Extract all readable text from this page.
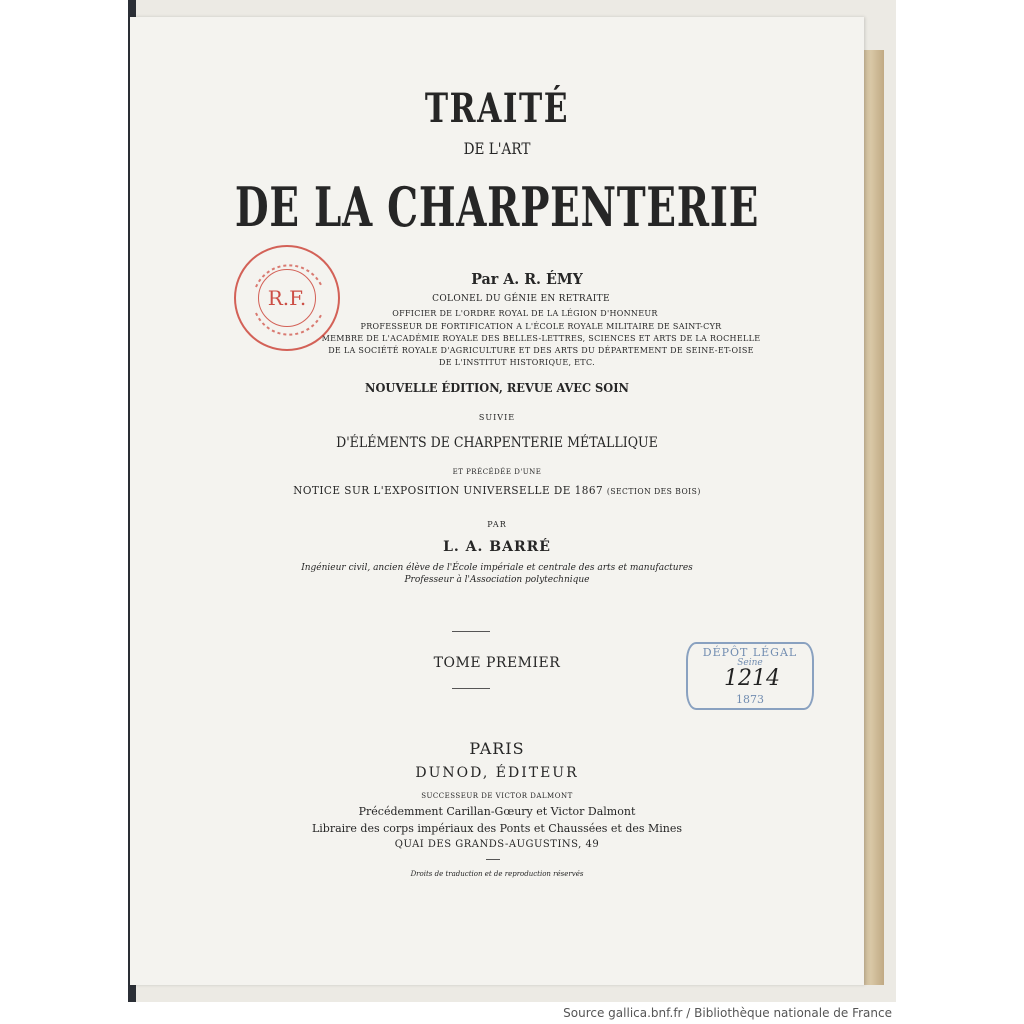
TRAITÉ
DE L'ART
DE LA CHARPENTERIE
Par A. R. ÉMY
COLONEL DU GÉNIE EN RETRAITE
OFFICIER DE L'ORDRE ROYAL DE LA LÉGION D'HONNEUR
PROFESSEUR DE FORTIFICATION A L'ÉCOLE ROYALE MILITAIRE DE SAINT-CYR
MEMBRE DE L'ACADÉMIE ROYALE DES BELLES-LETTRES, SCIENCES ET ARTS DE LA ROCHELLE
DE LA SOCIÉTÉ ROYALE D'AGRICULTURE ET DES ARTS DU DÉPARTEMENT DE SEINE-ET-OISE
DE L'INSTITUT HISTORIQUE, ETC.
NOUVELLE ÉDITION, REVUE AVEC SOIN
SUIVIE
D'ÉLÉMENTS DE CHARPENTERIE MÉTALLIQUE
ET PRÉCÉDÉE D'UNE
NOTICE SUR L'EXPOSITION UNIVERSELLE DE 1867 (SECTION DES BOIS)
PAR
L. A. BARRÉ
Ingénieur civil, ancien élève de l'École impériale et centrale des arts et manufactures
Professeur à l'Association polytechnique
TOME PREMIER
PARIS
DUNOD, ÉDITEUR
SUCCESSEUR DE VICTOR DALMONT
Précédemment Carillan-Gœury et Victor Dalmont
Libraire des corps impériaux des Ponts et Chaussées et des Mines
QUAI DES GRANDS-AUGUSTINS, 49
Droits de traduction et de reproduction réservés
R.F.
DÉPÔT LÉGAL
Seine
1214
1873
Source gallica.bnf.fr / Bibliothèque nationale de France
